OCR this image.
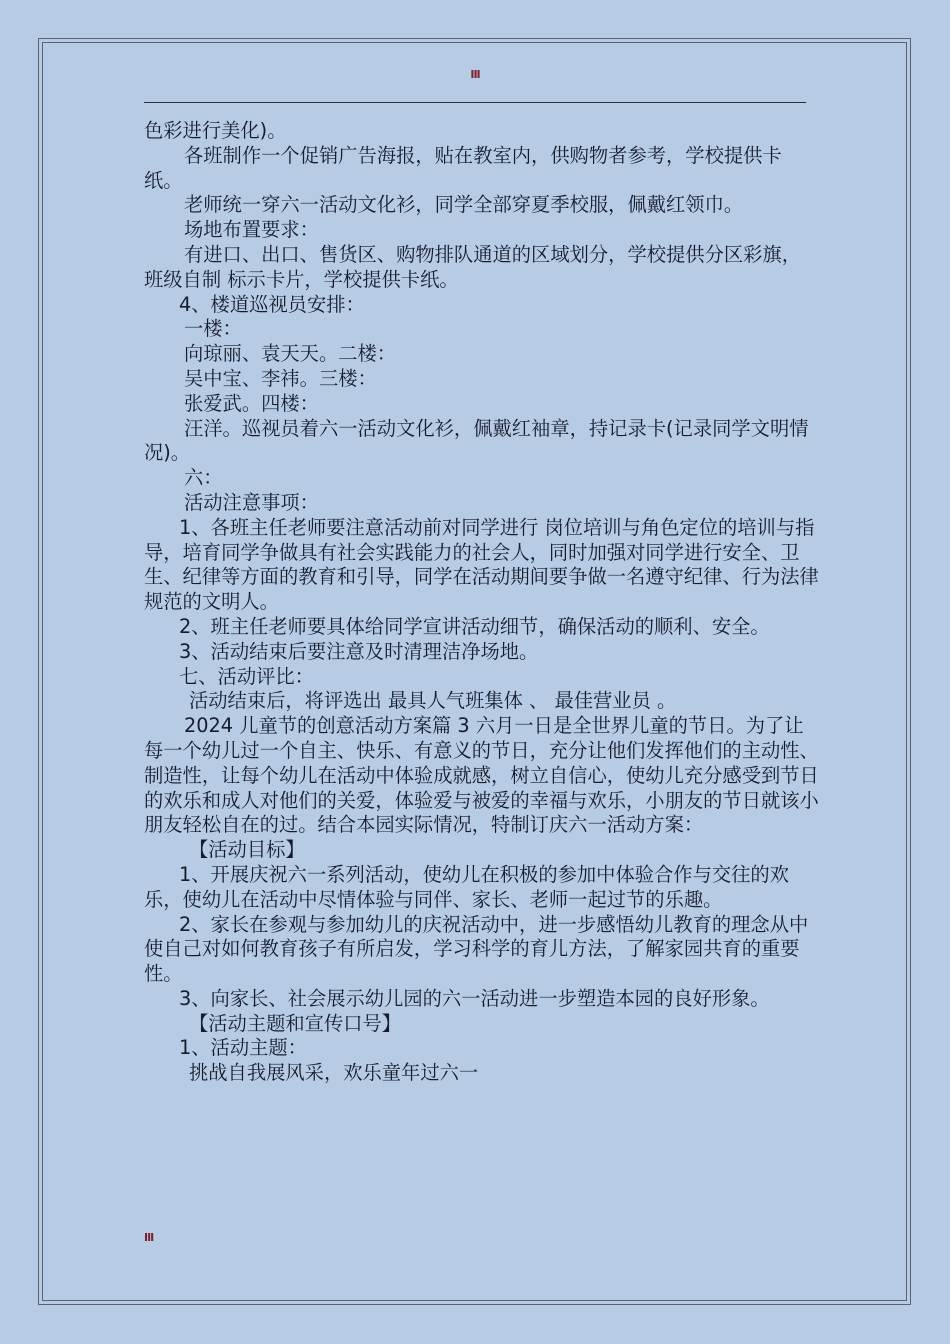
III

色彩进行美化)。

各班制作一个促销广告海报，贴在教室内，供购物者参考，学校提供卡纸。

老师统一穿六一活动文化衫，同学全部穿夏季校服，佩戴红领巾。

场地布置要求：

有进口、出口、售货区、购物排队通道的区域划分，学校提供分区彩旗，班级自制 标示卡片，学校提供卡纸。

4、楼道巡视员安排：

一楼：

向琼丽、袁天天。二楼：

吴中宝、李祎。三楼：

张爱武。四楼：

汪洋。巡视员着六一活动文化衫，佩戴红袖章，持记录卡(记录同学文明情况)。

六：

活动注意事项：

1、各班主任老师要注意活动前对同学进行 岗位培训与角色定位的培训与指导，培育同学争做具有社会实践能力的社会人，同时加强对同学进行安全、卫生、纪律等方面的教育和引导，同学在活动期间要争做一名遵守纪律、行为法律规范的文明人。

2、班主任老师要具体给同学宣讲活动细节，确保活动的顺利、安全。

3、活动结束后要注意及时清理洁净场地。

七、活动评比：

活动结束后，将评选出 最具人气班集体 、 最佳营业员 。

2024 儿童节的创意活动方案篇 3 六月一日是全世界儿童的节日。为了让每一个幼儿过一个自主、快乐、有意义的节日，充分让他们发挥他们的主动性、制造性，让每个幼儿在活动中体验成就感，树立自信心，使幼儿充分感受到节日的欢乐和成人对他们的关爱，体验爱与被爱的幸福与欢乐，小朋友的节日就该小朋友轻松自在的过。结合本园实际情况，特制订庆六一活动方案：

【活动目标】

1、开展庆祝六一系列活动，使幼儿在积极的参加中体验合作与交往的欢乐，使幼儿在活动中尽情体验与同伴、家长、老师一起过节的乐趣。

2、家长在参观与参加幼儿的庆祝活动中，进一步感悟幼儿教育的理念从中使自己对如何教育孩子有所启发，学习科学的育儿方法，了解家园共育的重要性。

3、向家长、社会展示幼儿园的六一活动进一步塑造本园的良好形象。

【活动主题和宣传口号】

1、活动主题：

挑战自我展风采，欢乐童年过六一

III
